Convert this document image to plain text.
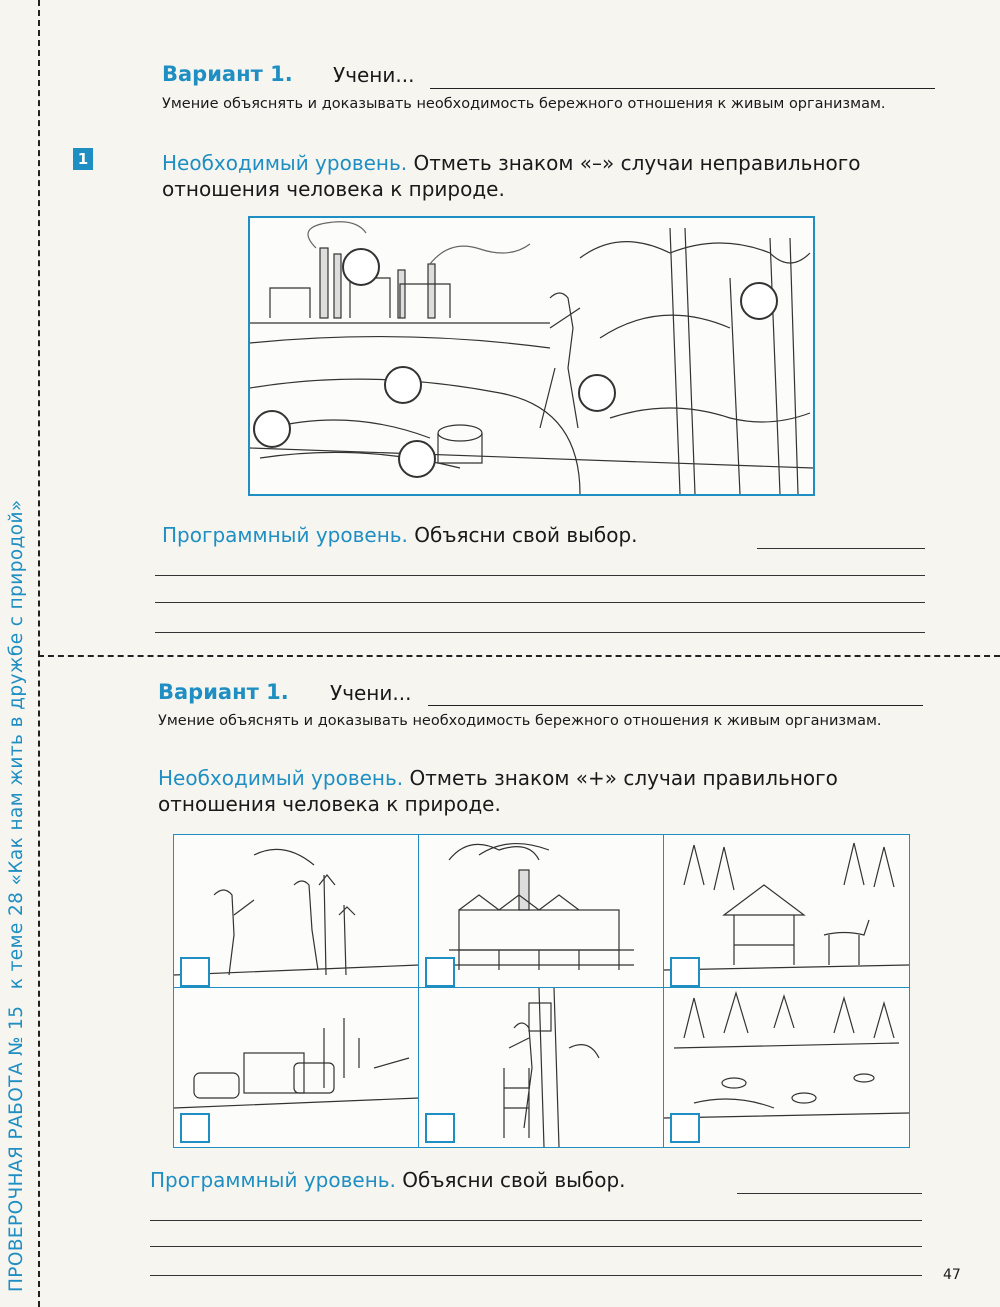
ПРОВЕРОЧНАЯ РАБОТА № 15 к теме 28 «Как нам жить в дружбе с природой»
Вариант 1. Учени...
Умение объяснять и доказывать необходимость бережного отношения к живым организмам.
1	Необходимый уровень. Отметь знаком «–» случаи неправильного отношения человека к природе.
Программный уровень. Объясни свой выбор.
Вариант 1. Учени...
Умение объяснять и доказывать необходимость бережного отношения к живым организмам.
Необходимый уровень. Отметь знаком «+» случаи правильного отношения человека к природе.
Программный уровень. Объясни свой выбор.
47
